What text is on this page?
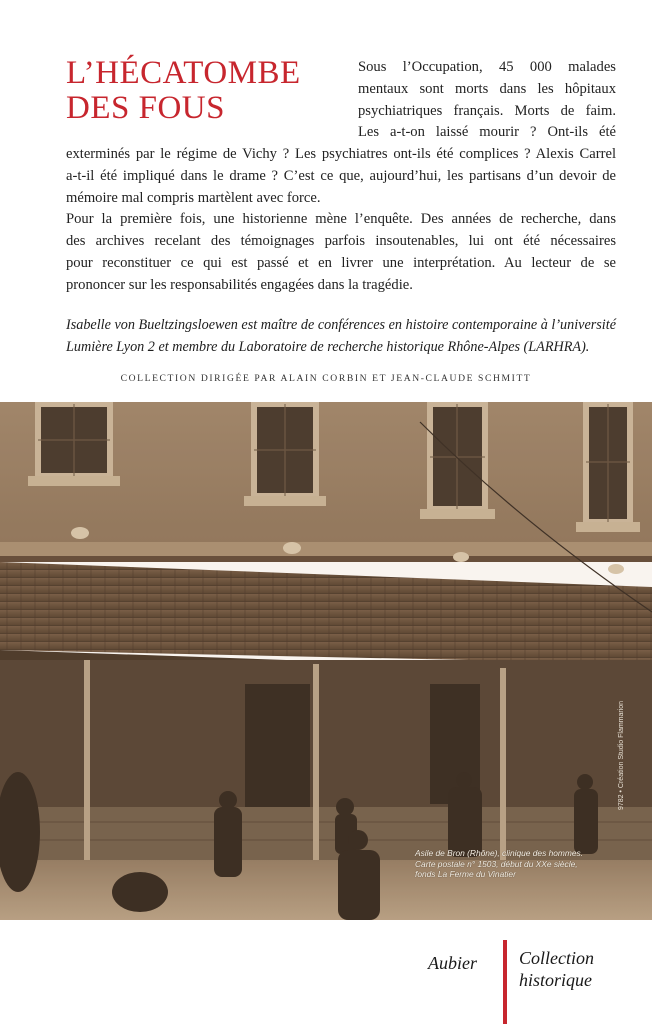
L’HÉCATOMBE
DES FOUS
Sous l’Occupation, 45 000 malades
mentaux sont morts dans les hôpitaux
psychiatriques français. Morts de faim.
Les a-t-on laissé mourir ? Ont-ils été
exterminés par le régime de Vichy ? Les psychiatres ont-ils été complices ? Alexis Carrel
a-t-il été impliqué dans le drame ? C’est ce que, aujourd’hui, les partisans d’un devoir de
mémoire mal compris martèlent avec force.
Pour la première fois, une historienne mène l’enquête. Des années de recherche, dans
des archives recelant des témoignages parfois insoutenables, lui ont été nécessaires
pour reconstituer ce qui est passé et en livrer une interprétation. Au lecteur de se
prononcer sur les responsabilités engagées dans la tragédie.
Isabelle von Bueltzingsloewen est maître de conférences en histoire contemporaine à l’université
Lumière Lyon 2 et membre du Laboratoire de recherche historique Rhône-Alpes (LARHRA).
COLLECTION DIRIGÉE PAR ALAIN CORBIN ET JEAN-CLAUDE SCHMITT
Asile de Bron (Rhône), clinique des hommes.
Carte postale n° 1503, début du XXe siècle,
fonds La Ferme du Vinatier
9782 • Création Studio Flammarion
Aubier Collection
historique
